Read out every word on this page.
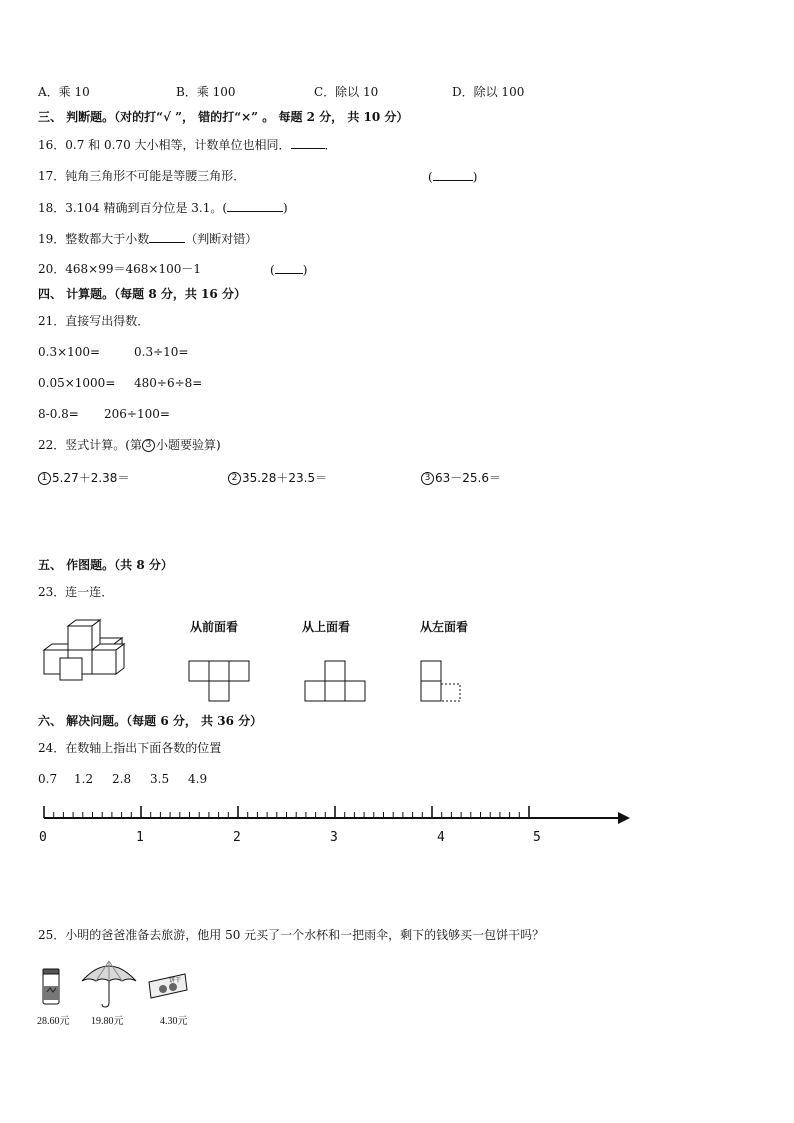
A．乘 10	B．乘 100	C．除以 10	D．除以 100
三、 判断题。（对的打“√ ”， 错的打“×” 。 每题 2 分， 共 10 分）
16．0.7 和 0.70 大小相等，计数单位也相同．	．
17．钝角三角形不可能是等腰三角形．	(	)
18．3.104 精确到百分位是 3.1。(	)
19．整数都大于小数	（判断对错）
20．468×99＝468×100－1	( )
四、 计算题。（每题 8 分，共 16 分）
21．直接写出得数．
0.3×100=	0.3÷10=
0.05×1000= 480÷6÷8=
8-0.8= 206÷100=
22．竖式计算。(第 3 小题要验算)
1 5.27＋2.38＝	2 35.28＋23.5＝	3 63－25.6＝
五、 作图题。（共 8 分）
23．连一连．
从前面看	从上面看	从左面看
六、 解决问题。（每题 6 分， 共 36 分）
24．在数轴上指出下面各数的位置
0.7 1.2 2.8 3.5 4.9
0	1	2	3	4	5
25．小明的爸爸准备去旅游，他用 50 元买了一个水杯和一把雨伞，剩下的钱够买一包饼干吗？
饼干
28.60元 19.80元	4.30元
